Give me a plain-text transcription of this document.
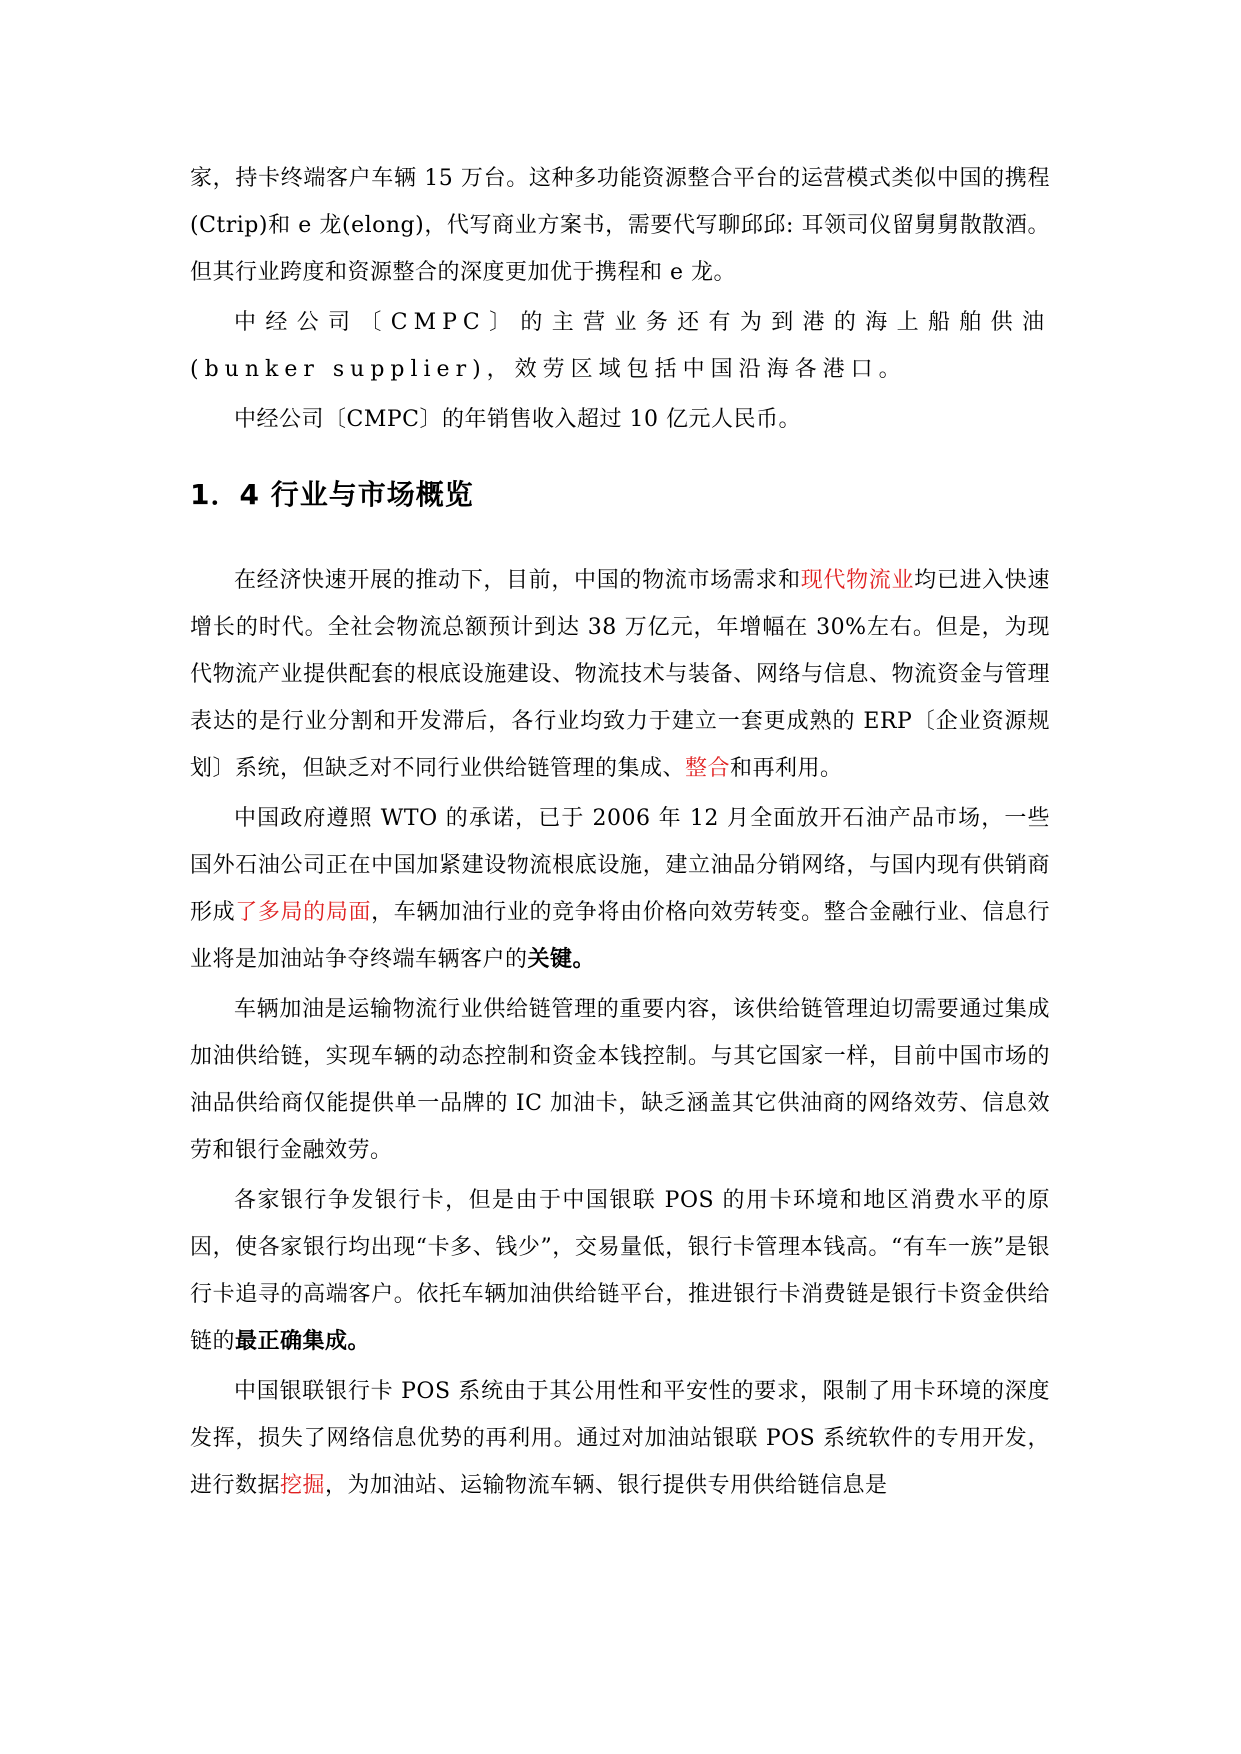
家，持卡终端客户车辆 15 万台。这种多功能资源整合平台的运营模式类似中国的携程(Ctrip)和 e 龙(elong)，代写商业方案书，需要代写聊邱邱: 耳领司仪留舅舅散散酒。但其行业跨度和资源整合的深度更加优于携程和 e 龙。

中经公司〔CMPC〕的主营业务还有为到港的海上船舶供油(bunker supplier)，效劳区域包括中国沿海各港口。

中经公司〔CMPC〕的年销售收入超过 10 亿元人民币。

1．4 行业与市场概览

在经济快速开展的推动下，目前，中国的物流市场需求和现代物流业均已进入快速增长的时代。全社会物流总额预计到达 38 万亿元，年增幅在 30%左右。但是，为现代物流产业提供配套的根底设施建设、物流技术与装备、网络与信息、物流资金与管理表达的是行业分割和开发滞后，各行业均致力于建立一套更成熟的 ERP〔企业资源规划〕系统，但缺乏对不同行业供给链管理的集成、整合和再利用。

中国政府遵照 WTO 的承诺，已于 2006 年 12 月全面放开石油产品市场，一些国外石油公司正在中国加紧建设物流根底设施，建立油品分销网络，与国内现有供销商形成了多局的局面，车辆加油行业的竞争将由价格向效劳转变。整合金融行业、信息行业将是加油站争夺终端车辆客户的关键。

车辆加油是运输物流行业供给链管理的重要内容，该供给链管理迫切需要通过集成加油供给链，实现车辆的动态控制和资金本钱控制。与其它国家一样，目前中国市场的油品供给商仅能提供单一品牌的 IC 加油卡，缺乏涵盖其它供油商的网络效劳、信息效劳和银行金融效劳。

各家银行争发银行卡，但是由于中国银联 POS 的用卡环境和地区消费水平的原因，使各家银行均出现“卡多、钱少”，交易量低，银行卡管理本钱高。“有车一族”是银行卡追寻的高端客户。依托车辆加油供给链平台，推进银行卡消费链是银行卡资金供给链的最正确集成。

中国银联银行卡 POS 系统由于其公用性和平安性的要求，限制了用卡环境的深度发挥，损失了网络信息优势的再利用。通过对加油站银联 POS 系统软件的专用开发，进行数据挖掘，为加油站、运输物流车辆、银行提供专用供给链信息是
